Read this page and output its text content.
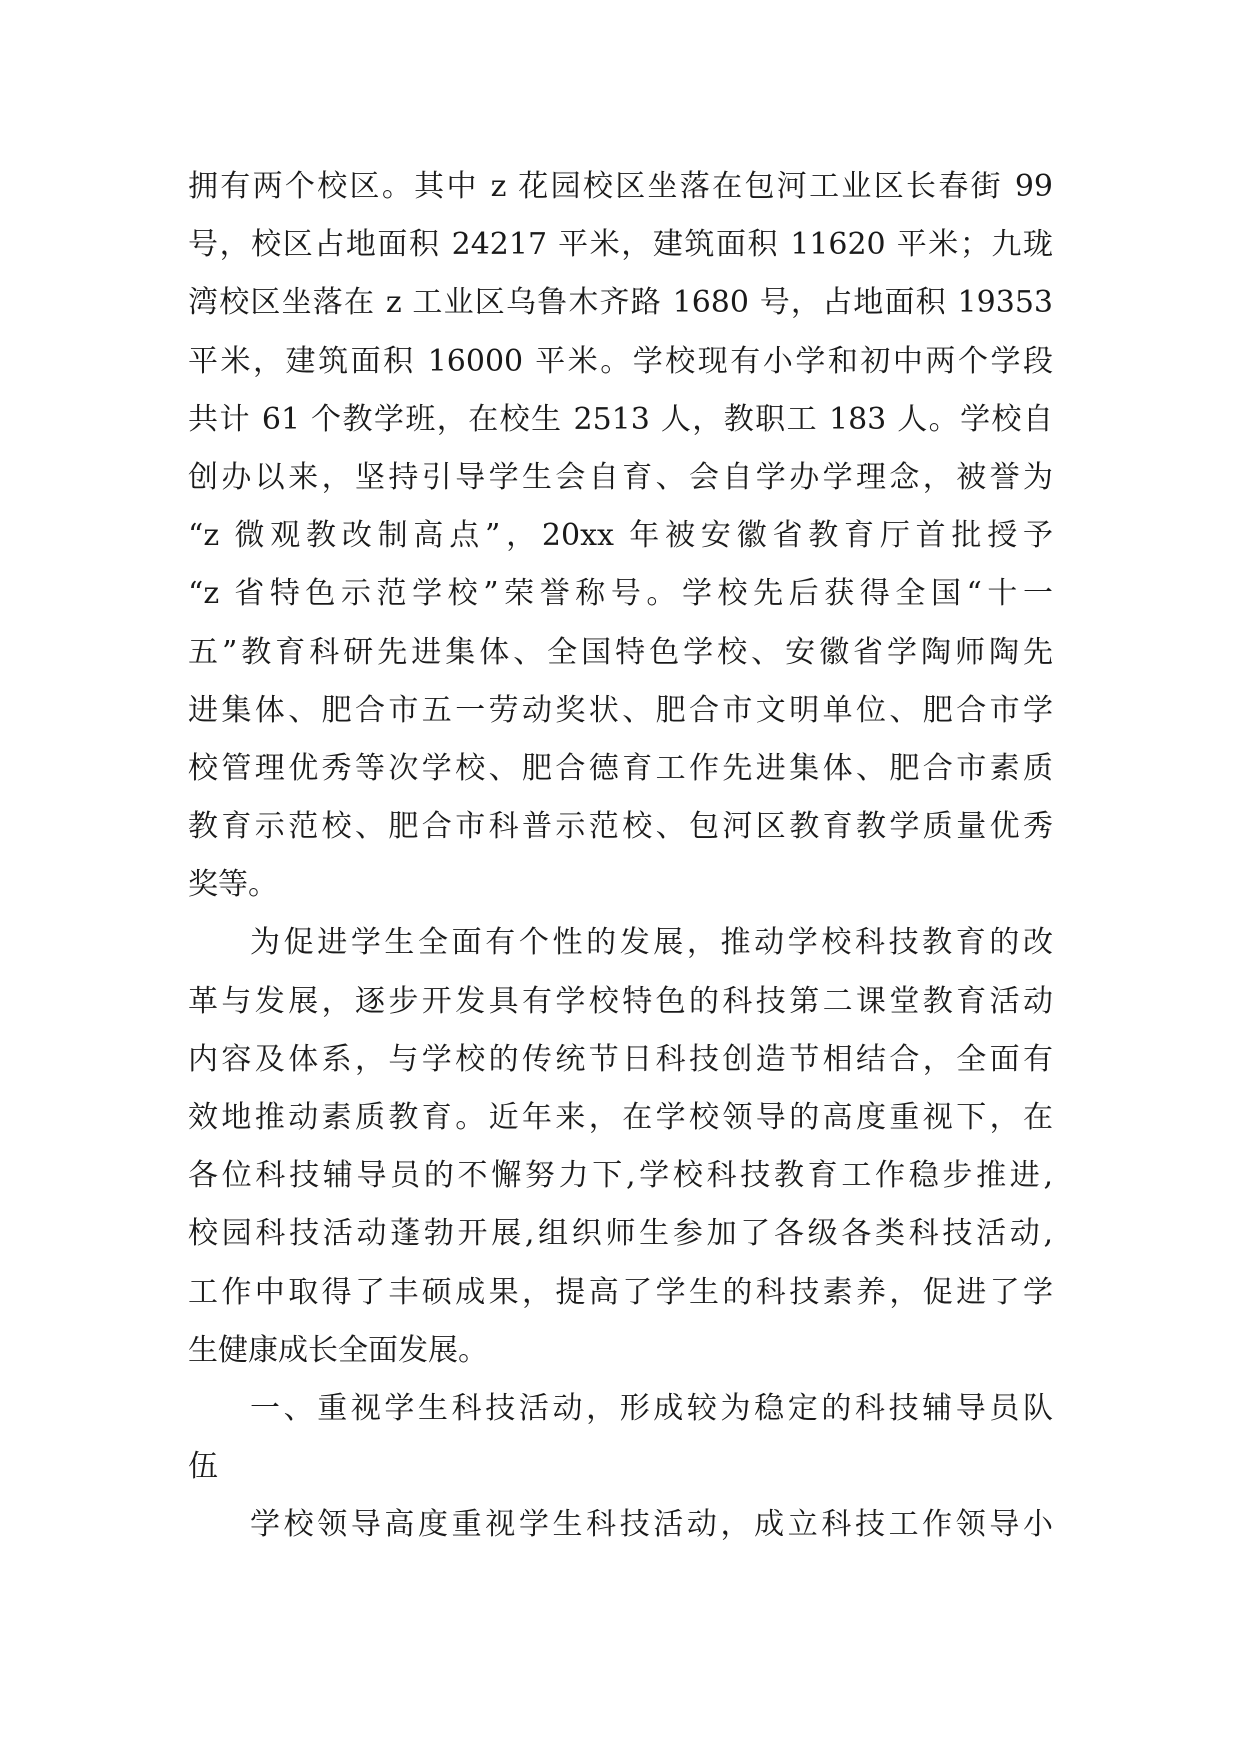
拥有两个校区。其中 z 花园校区坐落在包河工业区长春街 99
号，校区占地面积 24217 平米，建筑面积 11620 平米；九珑
湾校区坐落在 z 工业区乌鲁木齐路 1680 号，占地面积 19353
平米，建筑面积 16000 平米。学校现有小学和初中两个学段
共计 61 个教学班，在校生 2513 人，教职工 183 人。学校自
创办以来，坚持引导学生会自育、会自学办学理念，被誉为
“z 微观教改制高点”，20xx 年被安徽省教育厅首批授予
“z 省特色示范学校”荣誉称号。学校先后获得全国“十一
五”教育科研先进集体、全国特色学校、安徽省学陶师陶先
进集体、肥合市五一劳动奖状、肥合市文明单位、肥合市学
校管理优秀等次学校、肥合德育工作先进集体、肥合市素质
教育示范校、肥合市科普示范校、包河区教育教学质量优秀
奖等。
为促进学生全面有个性的发展，推动学校科技教育的改
革与发展，逐步开发具有学校特色的科技第二课堂教育活动
内容及体系，与学校的传统节日科技创造节相结合，全面有
效地推动素质教育。近年来，在学校领导的高度重视下，在
各位科技辅导员的不懈努力下,学校科技教育工作稳步推进,
校园科技活动蓬勃开展,组织师生参加了各级各类科技活动,
工作中取得了丰硕成果，提高了学生的科技素养，促进了学
生健康成长全面发展。
一、重视学生科技活动，形成较为稳定的科技辅导员队
伍
学校领导高度重视学生科技活动，成立科技工作领导小
